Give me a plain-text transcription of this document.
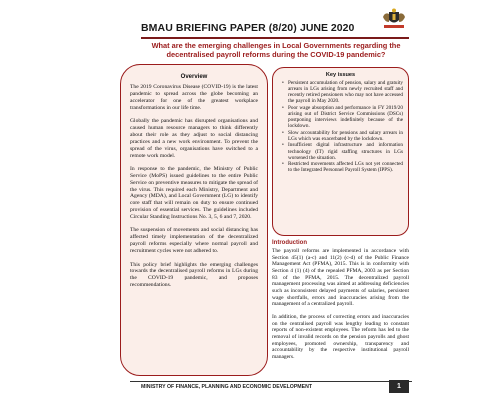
BMAU BRIEFING PAPER (8/20) JUNE 2020
What are the emerging challenges in Local Governments regarding the decentralised payroll reforms during the COVID-19 pandemic?
Overview

The 2019 Coronavirus Disease (COVID-19) is the latest pandemic to spread across the globe becoming an accelerator for one of the greatest workplace transformations in our life time.

Globally the pandemic has disrupted organisations and caused human resource managers to think differently about their role as they adjust to social distancing practices and a new work environment. To prevent the spread of the virus, organisations have switched to a remote work model.

In response to the pandemic, the Ministry of Public Service (MoPS) issued guidelines to the entire Public Service on preventive measures to mitigate the spread of the virus. This required each Ministry, Department and Agency (MDA), and Local Government (LG) to identify core staff that will remain on duty to ensure continued provision of essential services. The guidelines included Circular Standing Instructions No. 3, 5, 6 and 7, 2020.

The suspension of movements and social distancing has affected timely implementation of the decentralized payroll reforms especially where normal payroll and recruitment cycles were not adhered to.

This policy brief highlights the emerging challenges towards the decentralised payroll reforms in LGs during the COVID-19 pandemic, and proposes recommendations.

Key issues
• Persistent accumulation of pension, salary and gratuity arrears in LGs arising from newly recruited staff and recently retired pensioners who may not have accessed the payroll in May 2020.
• Poor wage absorption and performance in FY 2019/20 arising out of District Service Commissions (DSCs) postponing interviews indefinitely because of the lockdown.
• Slow accountability for pensions and salary arrears in LGs which was exacerbated by the lockdown.
• Insufficient digital infrastructure and information technology (IT) rigid staffing structures in LGs worsened the situation.
• Restricted movements affected LGs not yet connected to the Integrated Personnel Payroll System (IPPS).
Introduction

The payroll reforms are implemented in accordance with Section 45(1) (a-c) and 11(2) (c-d) of the Public Finance Management Act (PFMA), 2015. This is in conformity with Section 4 (1) (4) of the repealed PFMA, 2003 as per Section 83 of the PFMA, 2015. The decentralized payroll management processing was aimed at addressing deficiencies such as inconsistent delayed payments of salaries, persistent wage shortfalls, errors and inaccuracies arising from the management of a centralized payroll.

In addition, the process of correcting errors and inaccuracies on the centralised payroll was lengthy leading to constant reports of non-existent employees. The reform has led to the removal of invalid records on the pension payrolls and ghost employees, promoted ownership, transparency and accountability by the respective institutional payroll managers.

MINISTRY OF FINANCE, PLANNING AND ECONOMIC DEVELOPMENT	1
